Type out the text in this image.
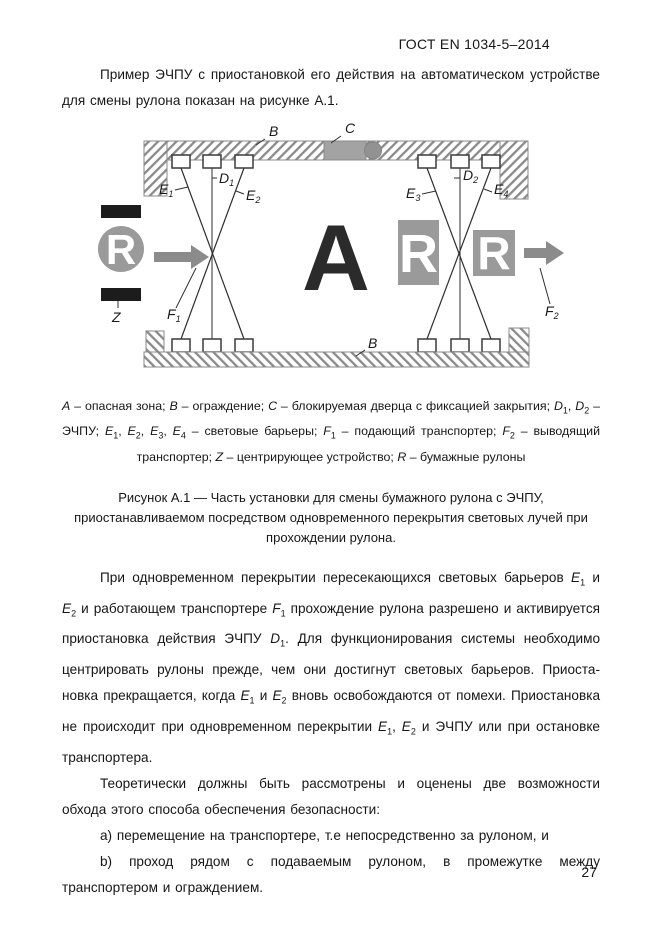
ГОСТ EN 1034-5–2014

Пример ЭЧПУ с приостановкой его действия на автоматическом устройстве для смены рулона показан на рисунке А.1.

R A R R
B	C
$E_1$
$D_1$
$E_2$	$E_3$
$D_2$
$E_4$
Z	$F_1$	$F_2$
B

А – опасная зона; В – ограждение; С – блокируемая дверца с фиксацией закрытия; $D_1$, $D_2$ – ЭЧПУ; $E_1$, $E_2$, $E_3$, $E_4$ – световые барьеры; $F_1$ – подающий транспортер; $F_2$ – выводящий транспортер; Z – центрирующее устройство; R – бумажные рулоны

Рисунок А.1 — Часть установки для смены бумажного рулона с ЭЧПУ, приостанавливаемом посредством одновременного перекрытия световых лучей при прохождении рулона.

При одновременном перекрытии пересекающихся световых барьеров $E_1$ и $E_2$ и работающем транспортере $F_1$ прохождение рулона разрешено и активируется приостановка действия ЭЧПУ $D_1$. Для функционирования системы необходимо центрировать рулоны прежде, чем они достигнут световых барьеров. Приоста-новка прекращается, когда $E_1$ и $E_2$ вновь освобождаются от помехи. Приостановка не происходит при одновременном перекрытии $E_1$, $E_2$ и ЭЧПУ или при остановке транспортера.

Теоретически должны быть рассмотрены и оценены две возможности обхода этого способа обеспечения безопасности:

a) перемещение на транспортере, т.е непосредственно за рулоном, и

b) проход рядом с подаваемым рулоном, в промежутке между транспортером и ограждением.

27
